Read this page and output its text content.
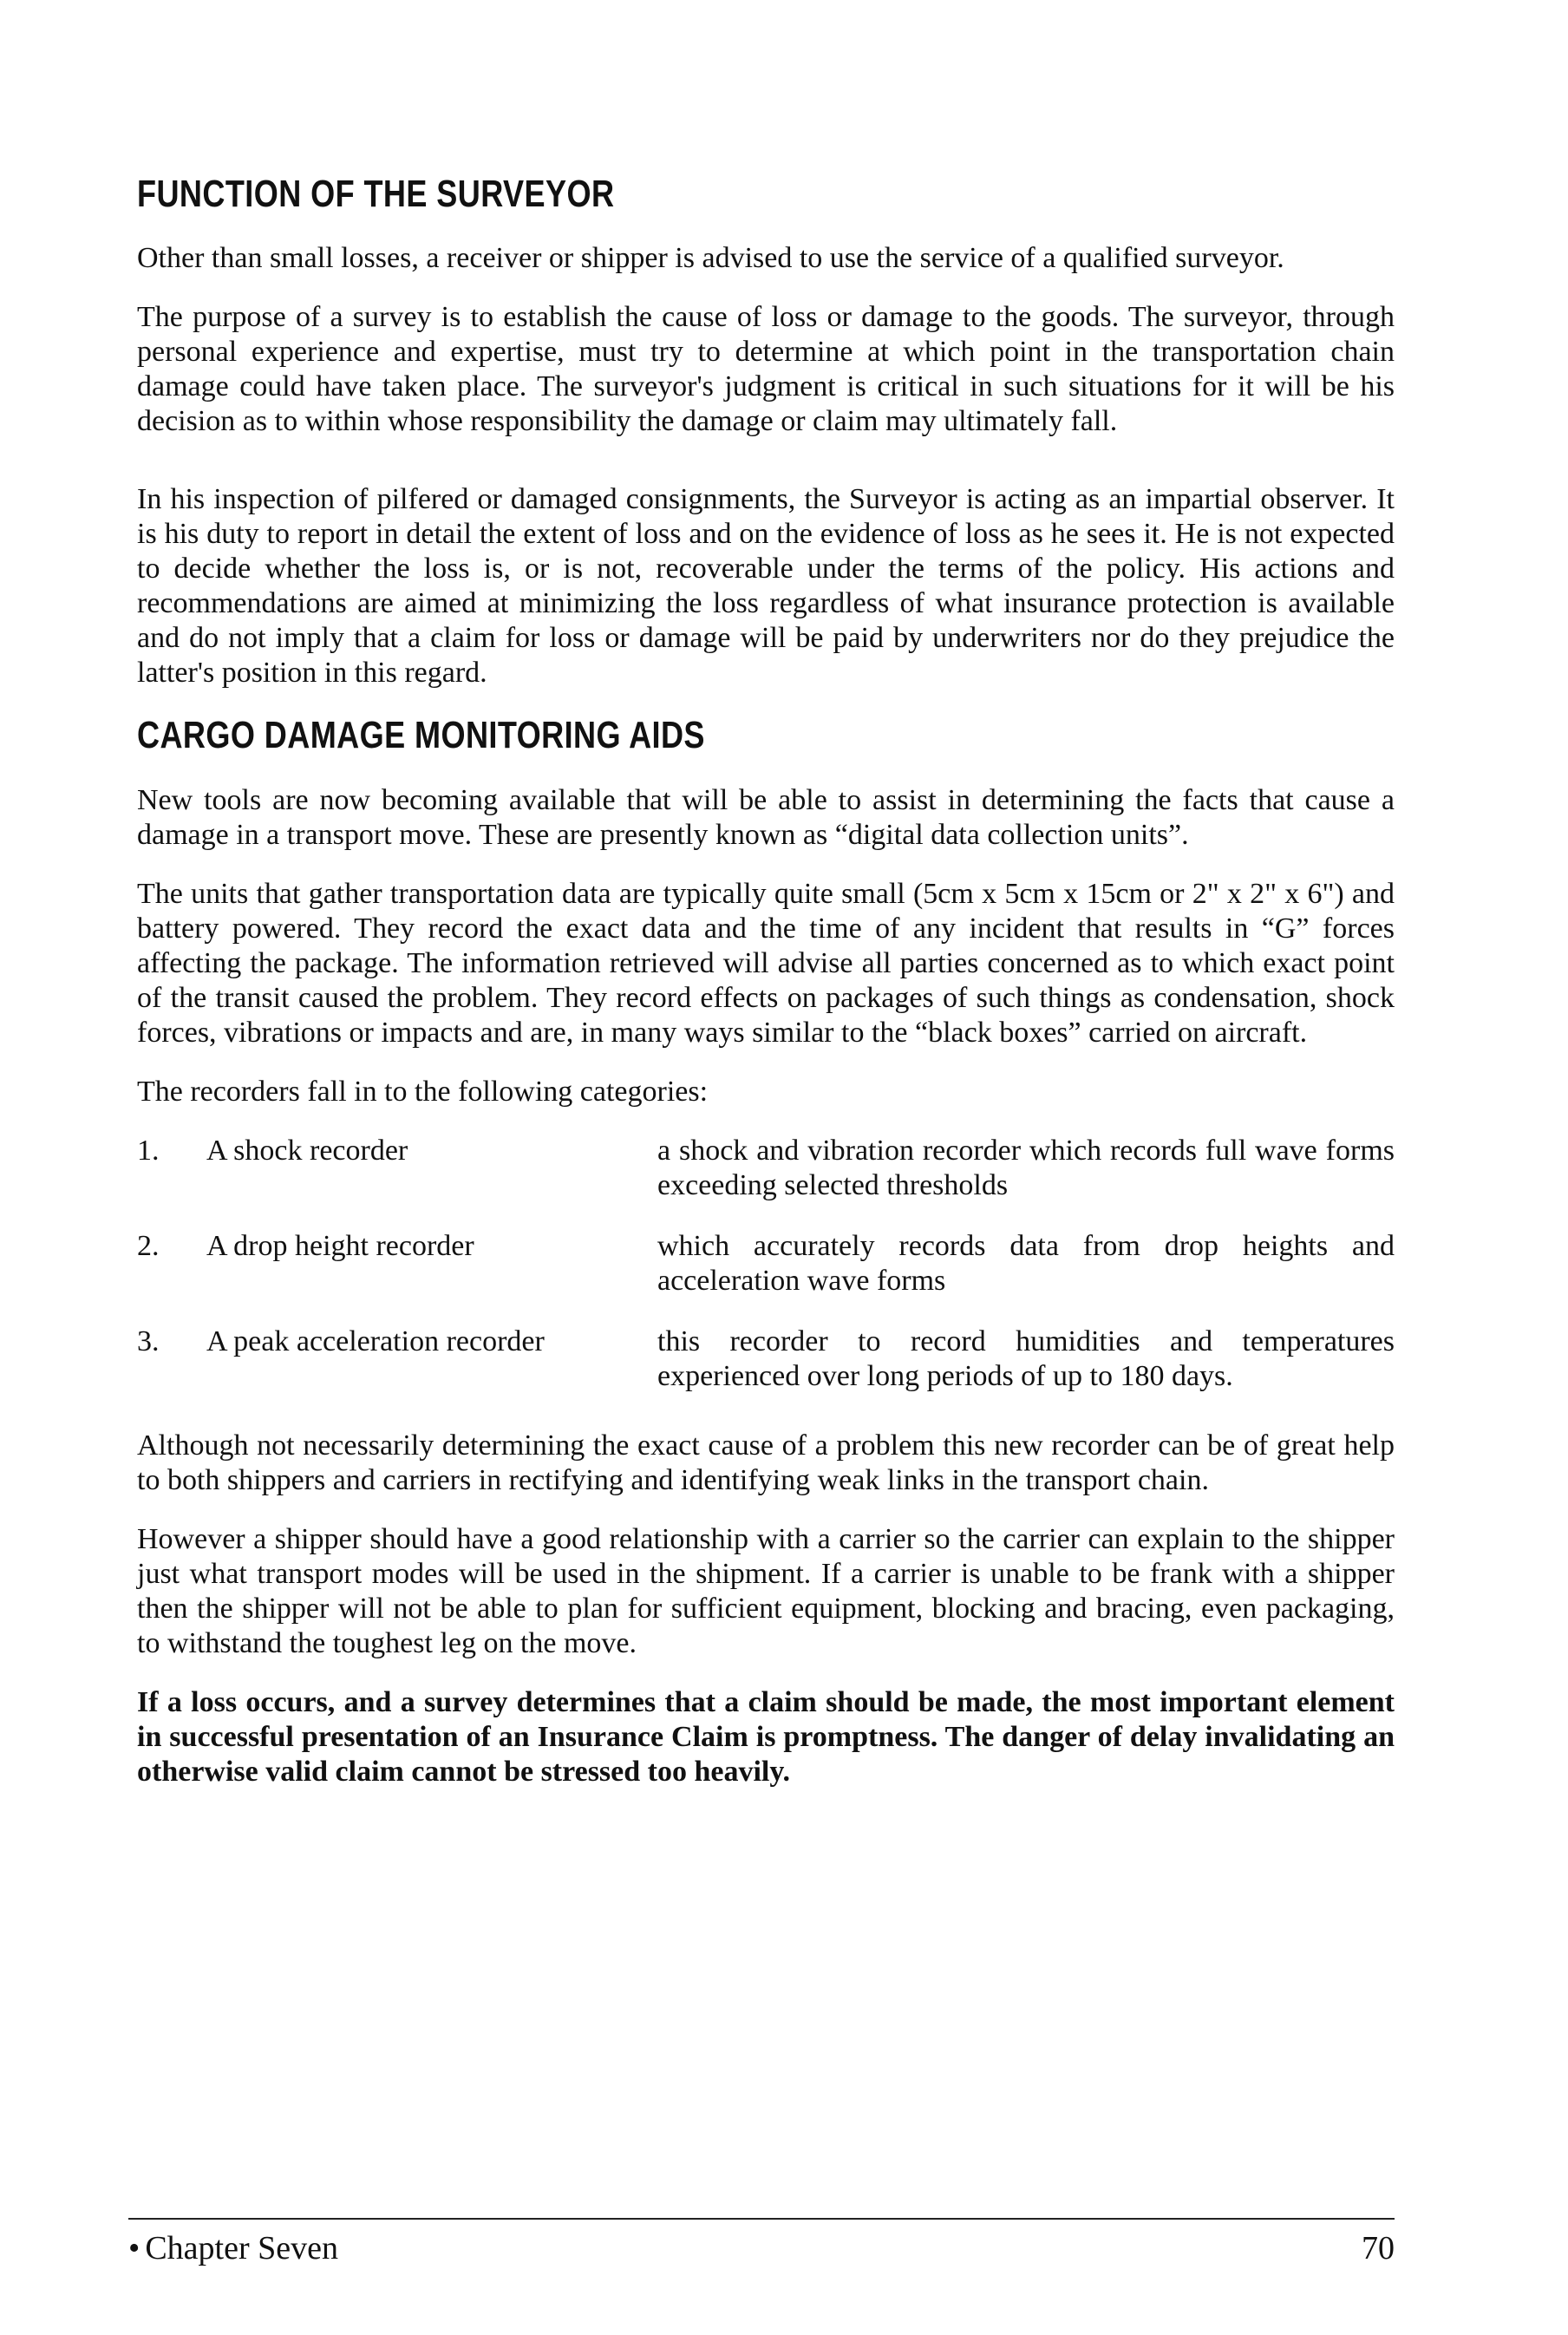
FUNCTION OF THE SURVEYOR

Other than small losses, a receiver or shipper is advised to use the service of a qualified surveyor.

The purpose of a survey is to establish the cause of loss or damage to the goods. The surveyor, through personal experience and expertise, must try to determine at which point in the transportation chain damage could have taken place. The surveyor's judgment is critical in such situations for it will be his decision as to within whose responsibility the damage or claim may ultimately fall.

In his inspection of pilfered or damaged consignments, the Surveyor is acting as an impartial observer. It is his duty to report in detail the extent of loss and on the evidence of loss as he sees it. He is not expected to decide whether the loss is, or is not, recoverable under the terms of the policy. His actions and recommendations are aimed at minimizing the loss regardless of what insurance protection is available and do not imply that a claim for loss or damage will be paid by underwriters nor do they prejudice the latter's position in this regard.

CARGO DAMAGE MONITORING AIDS

New tools are now becoming available that will be able to assist in determining the facts that cause a damage in a transport move. These are presently known as “digital data collection units”.

The units that gather transportation data are typically quite small (5cm x 5cm x 15cm or 2" x 2" x 6") and battery powered. They record the exact data and the time of any incident that results in “G” forces affecting the package. The information retrieved will advise all parties concerned as to which exact point of the transit caused the problem. They record effects on packages of such things as condensation, shock forces, vibrations or impacts and are, in many ways similar to the “black boxes” carried on aircraft.

The recorders fall in to the following categories:

1.	A shock recorder	a shock and vibration recorder which records full wave forms exceeding selected thresholds
2.	A drop height recorder	which accurately records data from drop heights and acceleration wave forms
3.	A peak acceleration recorder	this recorder to record humidities and temperatures experienced over long periods of up to 180 days.

Although not necessarily determining the exact cause of a problem this new recorder can be of great help to both shippers and carriers in rectifying and identifying weak links in the transport chain.

However a shipper should have a good relationship with a carrier so the carrier can explain to the shipper just what transport modes will be used in the shipment. If a carrier is unable to be frank with a shipper then the shipper will not be able to plan for sufficient equipment, blocking and bracing, even packaging, to withstand the toughest leg on the move.

If a loss occurs, and a survey determines that a claim should be made, the most important element in successful presentation of an Insurance Claim is promptness. The danger of delay invalidating an otherwise valid claim cannot be stressed too heavily.

• Chapter Seven	70
